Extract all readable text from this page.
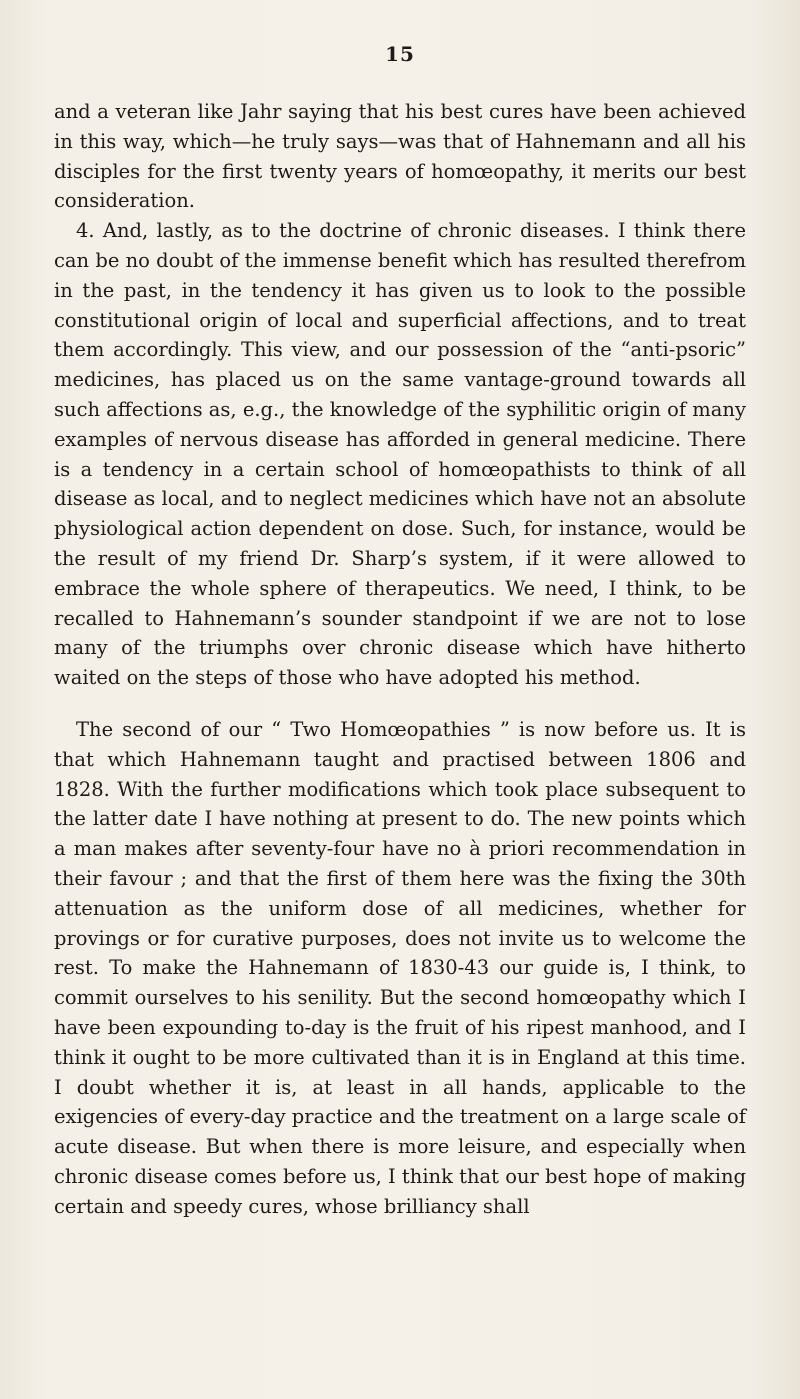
15

and a veteran like Jahr saying that his best cures have been achieved in this way, which—he truly says—was that of Hahnemann and all his disciples for the first twenty years of homœopathy, it merits our best consideration.

4. And, lastly, as to the doctrine of chronic diseases. I think there can be no doubt of the immense benefit which has resulted therefrom in the past, in the tendency it has given us to look to the possible constitutional origin of local and superficial affections, and to treat them accordingly. This view, and our possession of the “anti-psoric” medicines, has placed us on the same vantage-ground towards all such affections as, e.g., the knowledge of the syphilitic origin of many examples of nervous disease has afforded in general medicine. There is a tendency in a certain school of homœopathists to think of all disease as local, and to neglect medicines which have not an absolute physiological action dependent on dose. Such, for instance, would be the result of my friend Dr. Sharp’s system, if it were allowed to embrace the whole sphere of therapeutics. We need, I think, to be recalled to Hahnemann’s sounder standpoint if we are not to lose many of the triumphs over chronic disease which have hitherto waited on the steps of those who have adopted his method.

The second of our “ Two Homœopathies ” is now before us. It is that which Hahnemann taught and practised between 1806 and 1828. With the further modifications which took place subsequent to the latter date I have nothing at present to do. The new points which a man makes after seventy-four have no à priori recommendation in their favour ; and that the first of them here was the fixing the 30th attenuation as the uniform dose of all medicines, whether for provings or for curative purposes, does not invite us to welcome the rest. To make the Hahnemann of 1830-43 our guide is, I think, to commit ourselves to his senility. But the second homœopathy which I have been expounding to-day is the fruit of his ripest manhood, and I think it ought to be more cultivated than it is in England at this time. I doubt whether it is, at least in all hands, applicable to the exigencies of every-day practice and the treatment on a large scale of acute disease. But when there is more leisure, and especially when chronic disease comes before us, I think that our best hope of making certain and speedy cures, whose brilliancy shall
